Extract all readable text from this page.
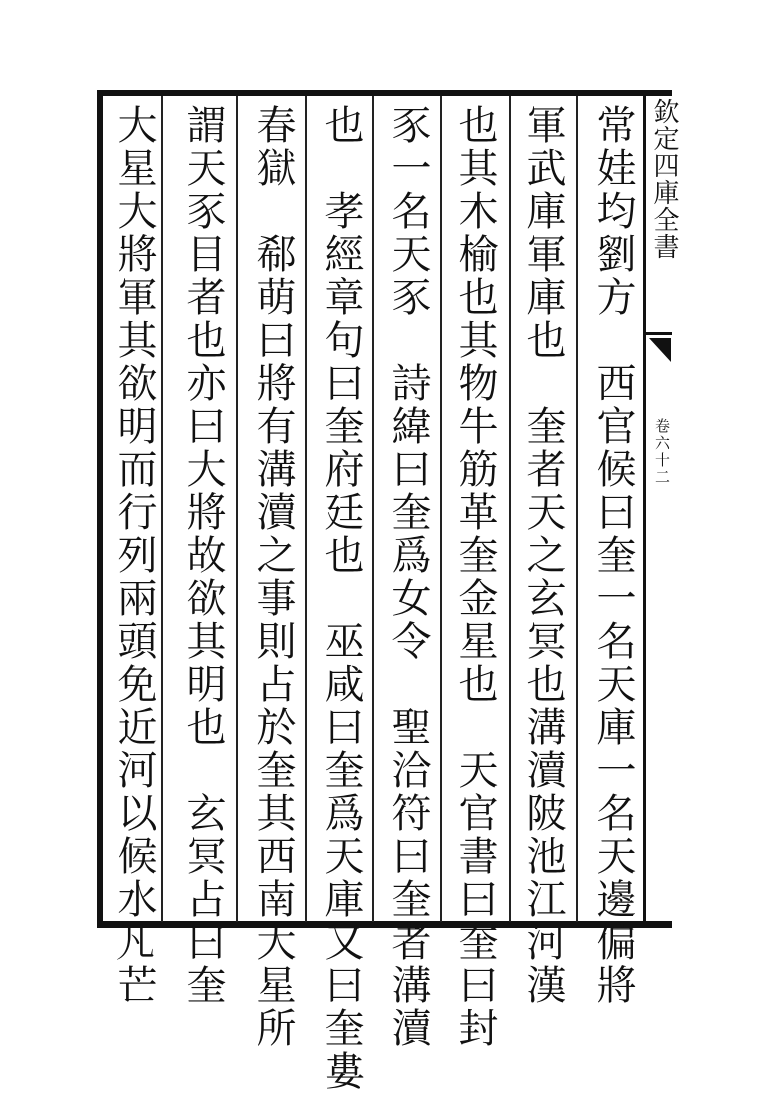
常娃均劉方　西官候曰奎一名天庫一名天邊偏將
軍武庫軍庫也　奎者天之玄冥也溝瀆陂池江河漢
也其木榆也其物牛筋革奎金星也　天官書曰奎曰封
豕一名天豕　詩緯曰奎爲女令　聖洽符曰奎者溝瀆
也　孝經章句曰奎府廷也　巫咸曰奎爲天庫又曰奎婁
春獄　郗萌曰將有溝瀆之事則占於奎其西南大星所
謂天豕目者也亦曰大將故欲其明也　玄冥占曰奎
大星大將軍其欲明而行列兩頭免近河以候水𠁽芒	欽定四庫全書
卷六十二
